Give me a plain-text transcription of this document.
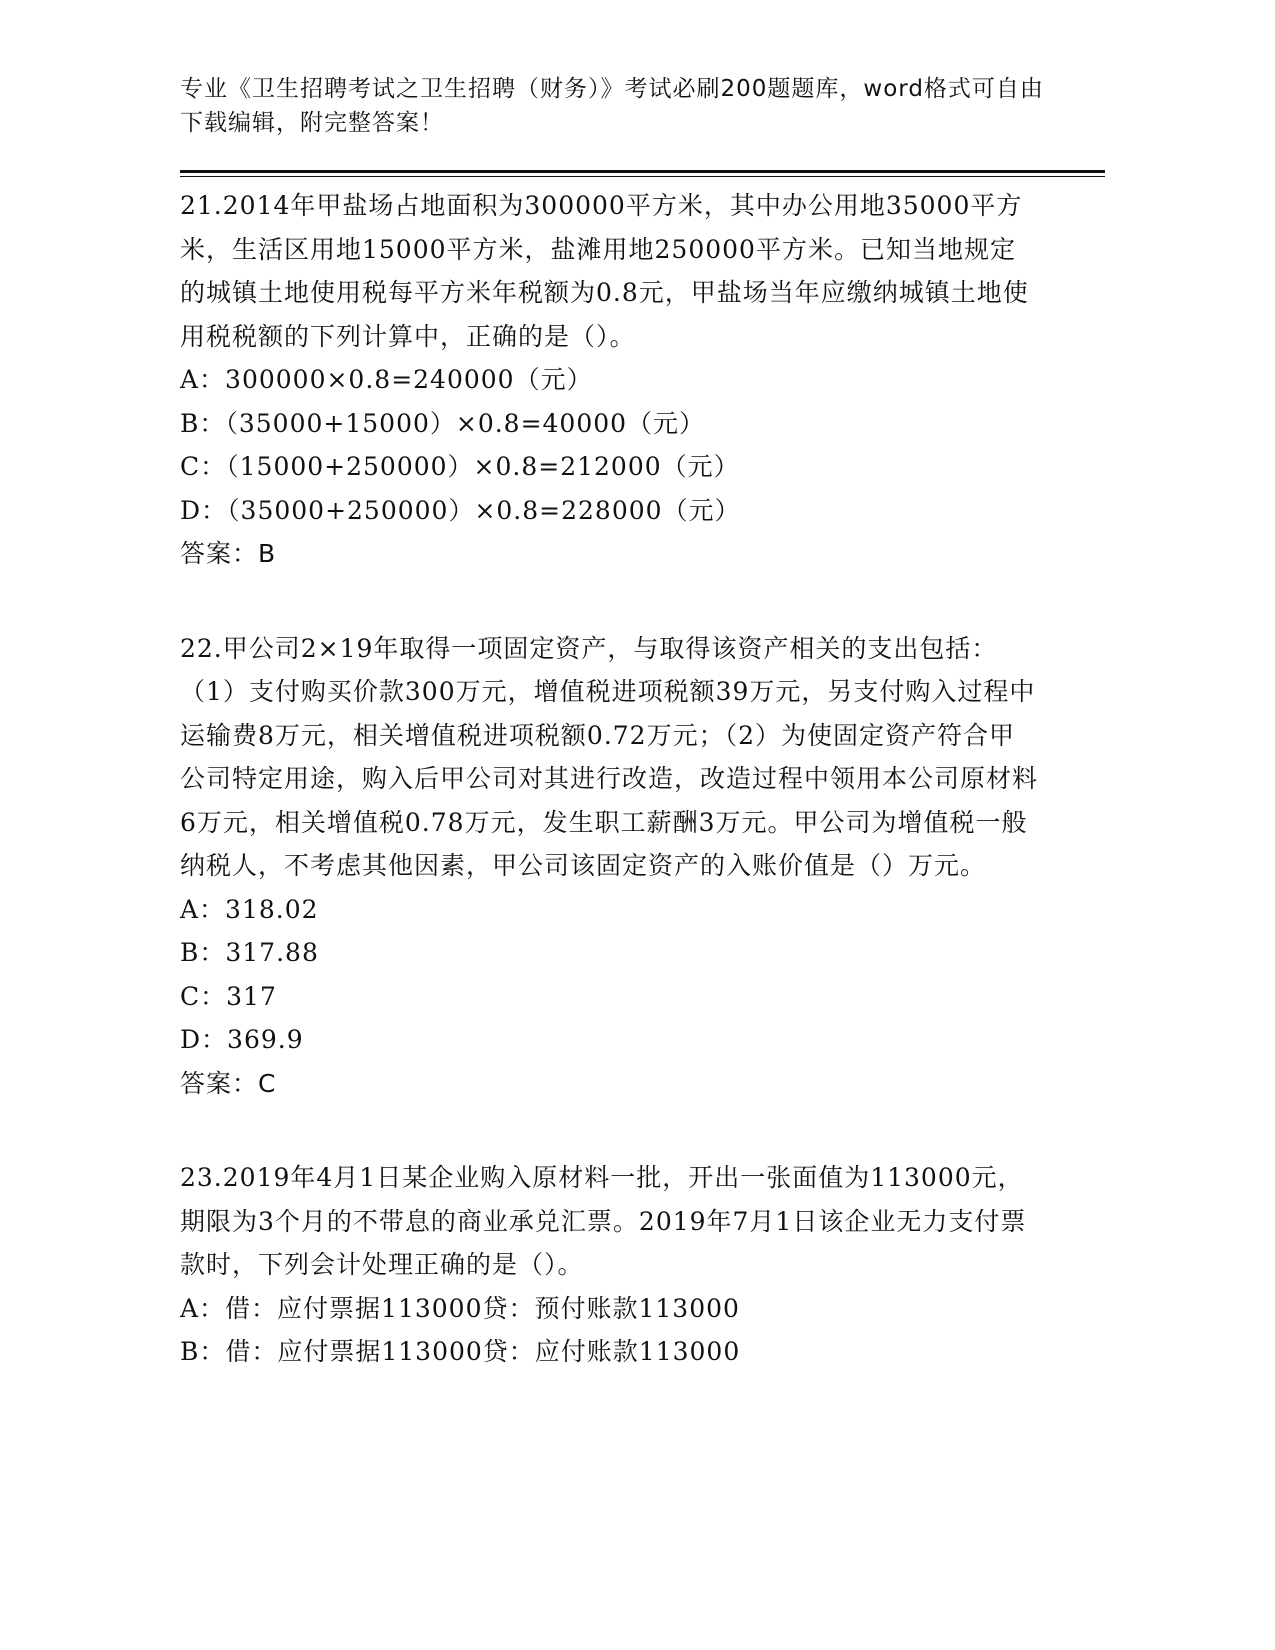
专业《卫生招聘考试之卫生招聘（财务）》考试必刷200题题库，word格式可自由下载编辑，附完整答案！
21.2014年甲盐场占地面积为300000平方米，其中办公用地35000平方米，生活区用地15000平方米，盐滩用地250000平方米。已知当地规定的城镇土地使用税每平方米年税额为0.8元，甲盐场当年应缴纳城镇土地使用税税额的下列计算中，正确的是（）。
A：300000×0.8=240000（元）
B：（35000+15000）×0.8=40000（元）
C：（15000+250000）×0.8=212000（元）
D：（35000+250000）×0.8=228000（元）
答案：B
22.甲公司2×19年取得一项固定资产，与取得该资产相关的支出包括：（1）支付购买价款300万元，增值税进项税额39万元，另支付购入过程中运输费8万元，相关增值税进项税额0.72万元；（2）为使固定资产符合甲公司特定用途，购入后甲公司对其进行改造，改造过程中领用本公司原材料6万元，相关增值税0.78万元，发生职工薪酬3万元。甲公司为增值税一般纳税人，不考虑其他因素，甲公司该固定资产的入账价值是（）万元。
A：318.02
B：317.88
C：317
D：369.9
答案：C
23.2019年4月1日某企业购入原材料一批，开出一张面值为113000元，期限为3个月的不带息的商业承兑汇票。2019年7月1日该企业无力支付票款时，下列会计处理正确的是（）。
A：借：应付票据113000贷：预付账款113000
B：借：应付票据113000贷：应付账款113000
